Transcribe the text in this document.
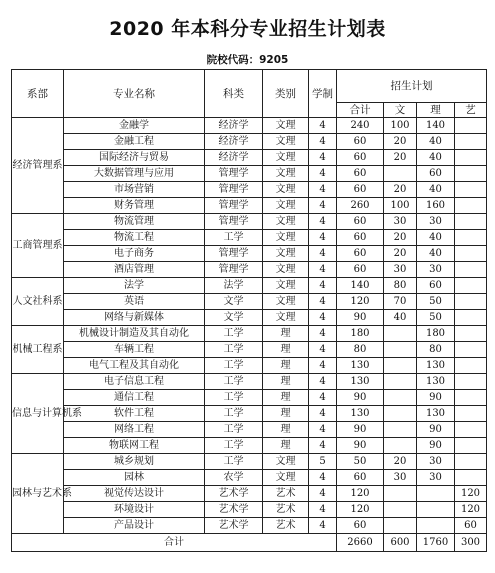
2020 年本科分专业招生计划表
院校代码：9205
系部	专业名称	科类	类别	学制	招生计划			
					合计	文	理	艺
经济管理系	金融学	经济学	文理	4	240	100	140	
	金融工程	经济学	文理	4	60	20	40	
	国际经济与贸易	经济学	文理	4	60	20	40	
	大数据管理与应用	管理学	文理	4	60		60	
	市场营销	管理学	文理	4	60	20	40	
	财务管理	管理学	文理	4	260	100	160	
工商管理系	物流管理	管理学	文理	4	60	30	30	
	物流工程	工学	文理	4	60	20	40	
	电子商务	管理学	文理	4	60	20	40	
	酒店管理	管理学	文理	4	60	30	30	
人文社科系	法学	法学	文理	4	140	80	60	
	英语	文学	文理	4	120	70	50	
	网络与新媒体	文学	文理	4	90	40	50	
机械工程系	机械设计制造及其自动化	工学	理	4	180		180	
	车辆工程	工学	理	4	80		80	
	电气工程及其自动化	工学	理	4	130		130	
信息与计算机系	电子信息工程	工学	理	4	130		130	
	通信工程	工学	理	4	90		90	
	软件工程	工学	理	4	130		130	
	网络工程	工学	理	4	90		90	
	物联网工程	工学	理	4	90		90	
园林与艺术系	城乡规划	工学	文理	5	50	20	30	
	园林	农学	文理	4	60	30	30	
	视觉传达设计	艺术学	艺术	4	120			120
	环境设计	艺术学	艺术	4	120			120
	产品设计	艺术学	艺术	4	60			60
合计					2660	600	1760	300
